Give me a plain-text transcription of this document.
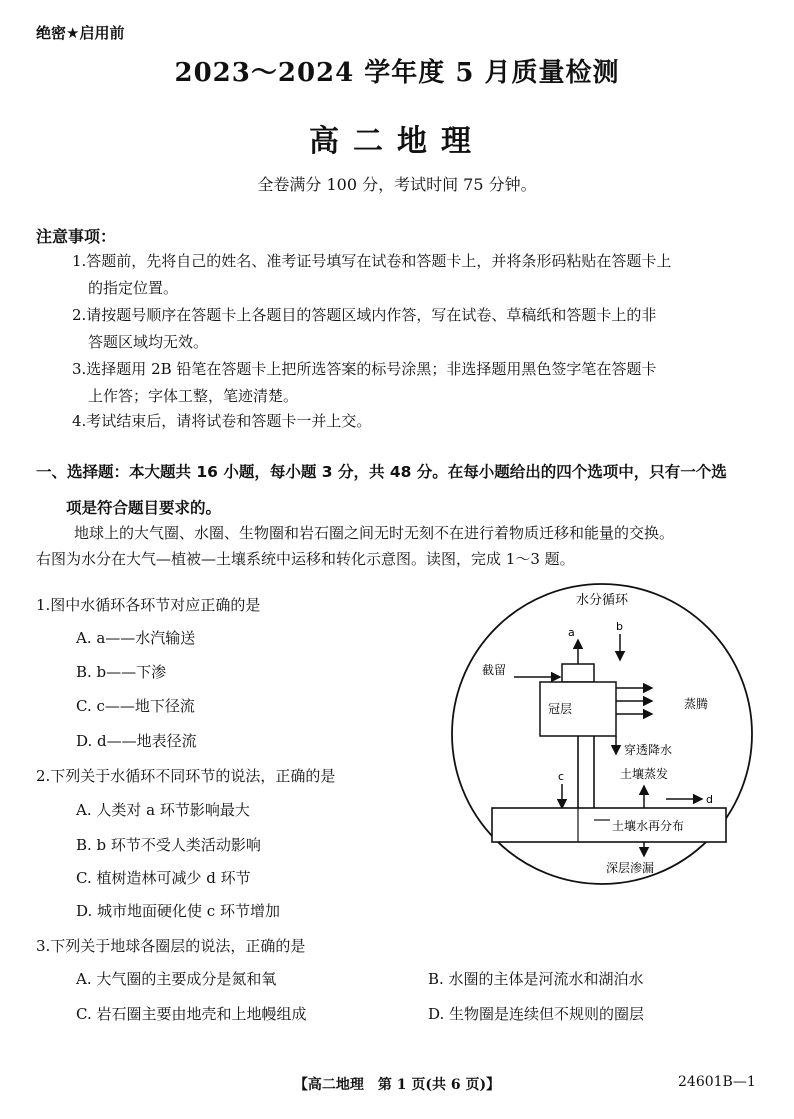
绝密★启用前
2023～2024 学年度 5 月质量检测
高二地理
全卷满分 100 分，考试时间 75 分钟。
注意事项：
1.答题前，先将自己的姓名、准考证号填写在试卷和答题卡上，并将条形码粘贴在答题卡上
的指定位置。
2.请按题号顺序在答题卡上各题目的答题区域内作答，写在试卷、草稿纸和答题卡上的非
答题区域均无效。
3.选择题用 2B 铅笔在答题卡上把所选答案的标号涂黑；非选择题用黑色签字笔在答题卡
上作答；字体工整，笔迹清楚。
4.考试结束后，请将试卷和答题卡一并上交。
一、选择题：本大题共 16 小题，每小题 3 分，共 48 分。在每小题给出的四个选项中，只有一个选
项是符合题目要求的。
地球上的大气圈、水圈、生物圈和岩石圈之间无时无刻不在进行着物质迁移和能量的交换。
右图为水分在大气—植被—土壤系统中运移和转化示意图。读图，完成 1～3 题。
1.图中水循环各环节对应正确的是
A. a——水汽输送
B. b——下渗
C. c——地下径流
D. d——地表径流
2.下列关于水循环不同环节的说法，正确的是
A. 人类对 a 环节影响最大
B. b 环节不受人类活动影响
C. 植树造林可减少 d 环节
D. 城市地面硬化使 c 环节增加
3.下列关于地球各圈层的说法，正确的是
A. 大气圈的主要成分是氮和氧	B. 水圈的主体是河流水和湖泊水
C. 岩石圈主要由地壳和上地幔组成	D. 生物圈是连续但不规则的圈层
水分循环
a	b
冠层
截留
蒸腾
穿透降水
c	土壤蒸发
d
土壤水再分布
深层渗漏
【高二地理　第 1 页(共 6 页)】	24601B—1
